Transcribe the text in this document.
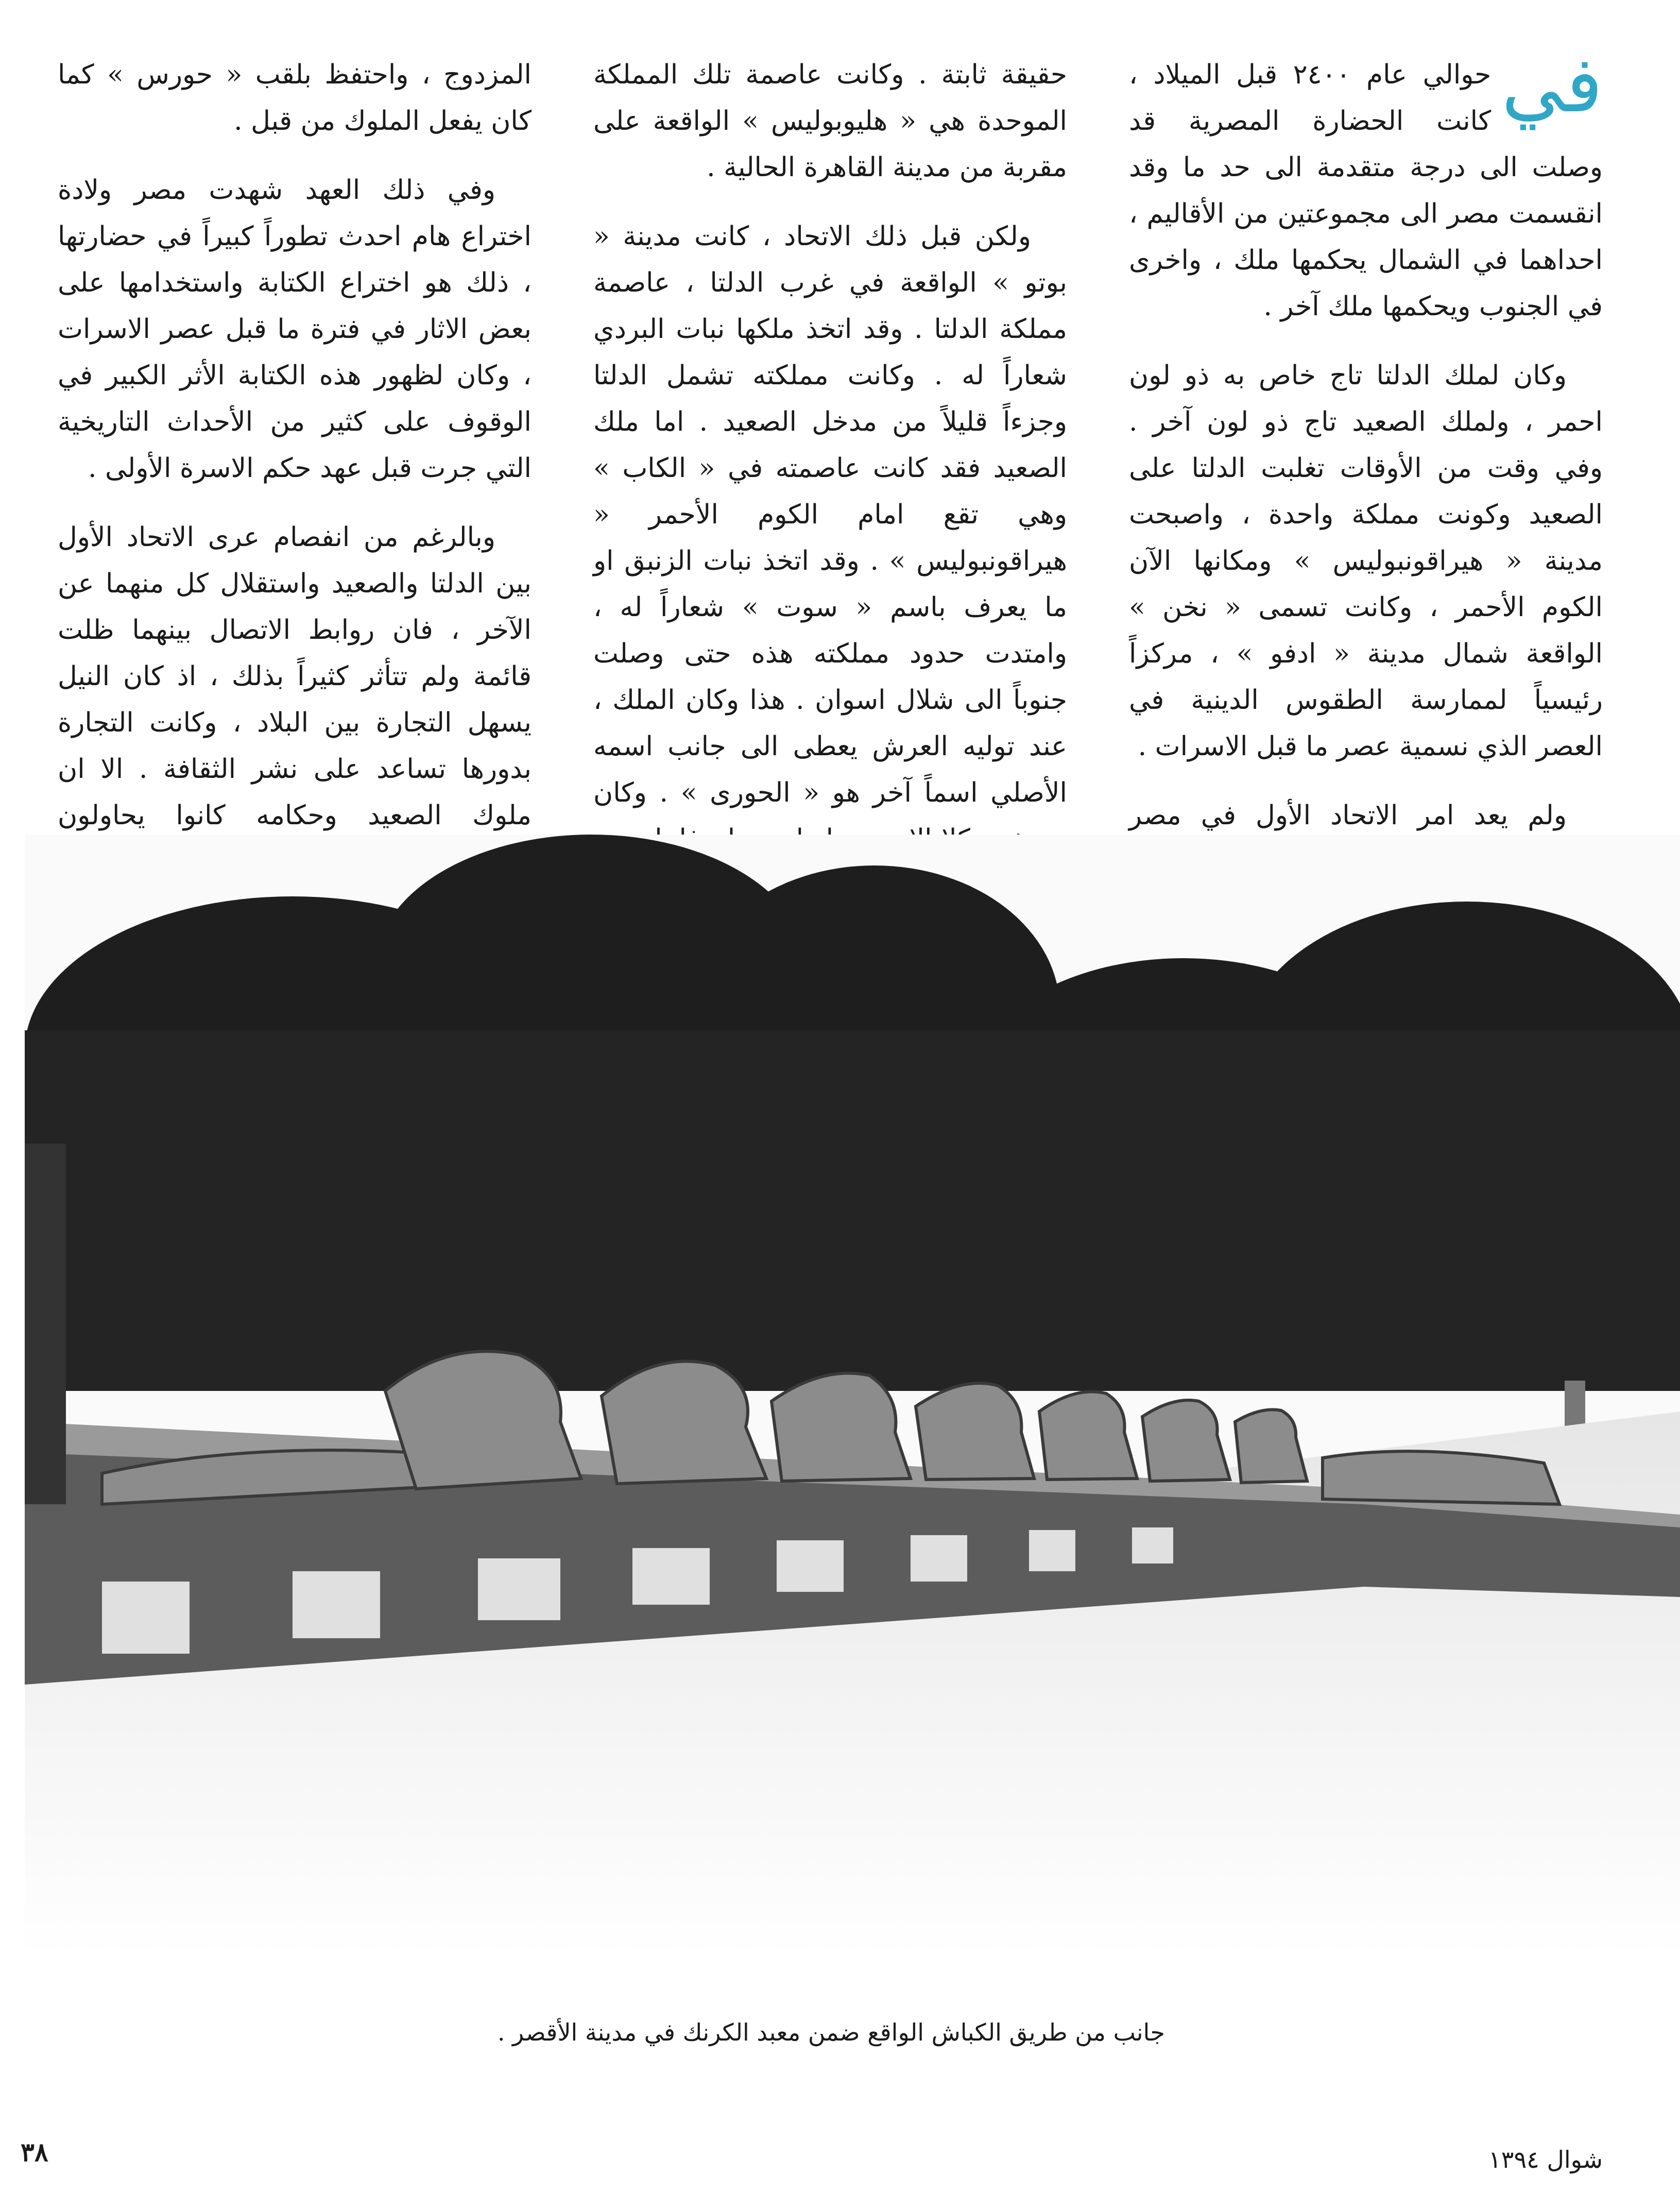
في

حوالي عام ٢٤٠٠ قبل الميلاد ، كانت الحضارة المصرية قد وصلت الى درجة متقدمة الى حد ما وقد انقسمت مصر الى مجموعتين من الأقاليم ، احداهما في الشمال يحكمها ملك ، واخرى في الجنوب ويحكمها ملك آخر .

وكان لملك الدلتا تاج خاص به ذو لون احمر ، ولملك الصعيد تاج ذو لون آخر . وفي وقت من الأوقات تغلبت الدلتا على الصعيد وكونت مملكة واحدة ، واصبحت مدينة « هيراقونبوليس » ومكانها الآن الكوم الأحمر ، وكانت تسمى « نخن » الواقعة شمال مدينة « ادفو » ، مركزاً رئيسياً لممارسة الطقوس الدينية في العصر الذي نسمية عصر ما قبل الاسرات .

ولم يعد امر الاتحاد الأول في مصر

حقيقة ثابتة . وكانت عاصمة تلك المملكة الموحدة هي « هليوبوليس » الواقعة على مقربة من مدينة القاهرة الحالية .

ولكن قبل ذلك الاتحاد ، كانت مدينة « بوتو » الواقعة في غرب الدلتا ، عاصمة مملكة الدلتا . وقد اتخذ ملكها نبات البردي شعاراً له . وكانت مملكته تشمل الدلتا وجزءاً قليلاً من مدخل الصعيد . اما ملك الصعيد فقد كانت عاصمته في « الكاب » وهي تقع امام الكوم الأحمر « هيراقونبوليس » . وقد اتخذ نبات الزنبق او ما يعرف باسم « سوت » شعاراً له ، وامتدت حدود مملكته هذه حتى وصلت جنوباً الى شلال اسوان . هذا وكان الملك ، عند توليه العرش يعطى الى جانب اسمه الأصلي اسماً آخر هو « الحورى » . وكان

المزدوج ، واحتفظ بلقب « حورس » كما كان يفعل الملوك من قبل .

وفي ذلك العهد شهدت مصر ولادة اختراع هام احدث تطوراً كبيراً في حضارتها ، ذلك هو اختراع الكتابة واستخدامها على بعض الاثار في فترة ما قبل عصر الاسرات ، وكان لظهور هذه الكتابة الأثر الكبير في الوقوف على كثير من الأحداث التاريخية التي جرت قبل عهد حكم الاسرة الأولى .

وبالرغم من انفصام عرى الاتحاد الأول بين الدلتا والصعيد واستقلال كل منهما عن الآخر ، فان روابط الاتصال بينهما ظلت قائمة ولم تتأثر كثيراً بذلك ، اذ كان النيل يسهل التجارة بين البلاد ، وكانت التجارة بدورها تساعد على نشر الثقافة . الا ان ملوك الصعيد وحكامه كانوا يحاولون

جانب من طريق الكباش الواقع ضمن معبد الكرنك في مدينة الأقصر .
٣٨	شوال ١٣٩٤
